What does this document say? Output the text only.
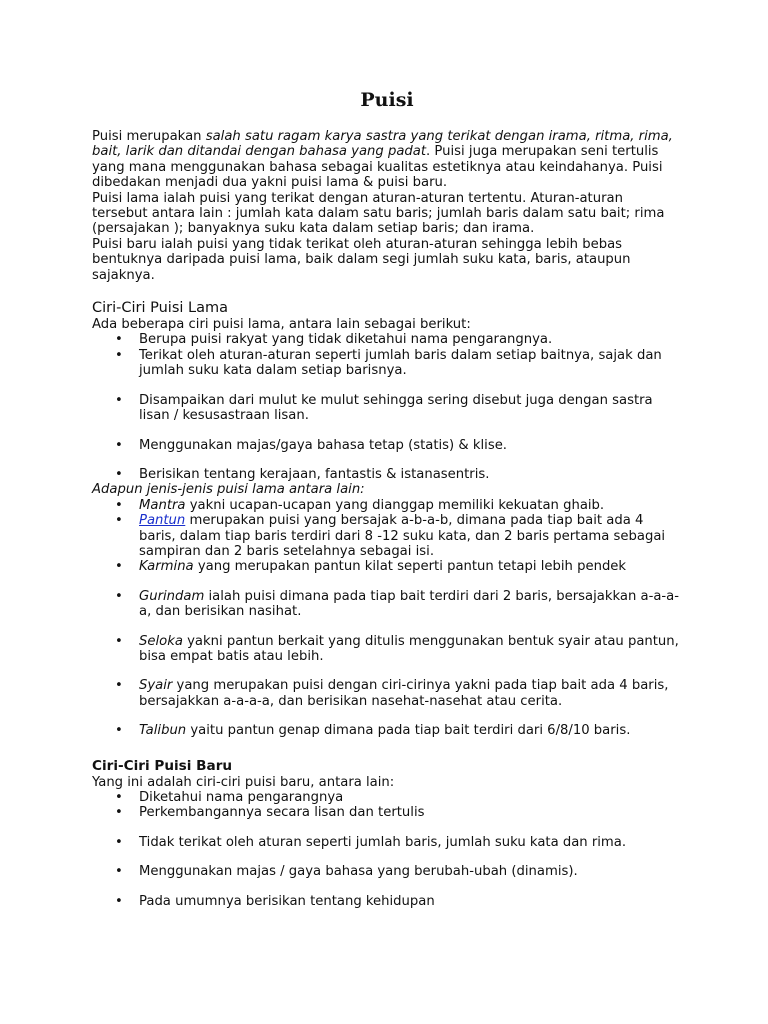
Puisi

Puisi merupakan salah satu ragam karya sastra yang terikat dengan irama, ritma, rima, bait, larik dan ditandai dengan bahasa yang padat. Puisi juga merupakan seni tertulis yang mana menggunakan bahasa sebagai kualitas estetiknya atau keindahanya. Puisi dibedakan menjadi dua yakni puisi lama & puisi baru.

Puisi lama ialah puisi yang terikat dengan aturan-aturan tertentu. Aturan-aturan tersebut antara lain : jumlah kata dalam satu baris; jumlah baris dalam satu bait; rima (persajakan ); banyaknya suku kata dalam setiap baris; dan irama.

Puisi baru ialah puisi yang tidak terikat oleh aturan-aturan sehingga lebih bebas bentuknya daripada puisi lama, baik dalam segi jumlah suku kata, baris, ataupun sajaknya.

Ciri-Ciri Puisi Lama

Ada beberapa ciri puisi lama, antara lain sebagai berikut:

• Berupa puisi rakyat yang tidak diketahui nama pengarangnya.
• Terikat oleh aturan-aturan seperti jumlah baris dalam setiap baitnya, sajak dan jumlah suku kata dalam setiap barisnya.
• Disampaikan dari mulut ke mulut sehingga sering disebut juga dengan sastra lisan / kesusastraan lisan.
• Menggunakan majas/gaya bahasa tetap (statis) & klise.
• Berisikan tentang kerajaan, fantastis & istanasentris.

Adapun jenis-jenis puisi lama antara lain:

• Mantra yakni ucapan-ucapan yang dianggap memiliki kekuatan ghaib.
• Pantun merupakan puisi yang bersajak a-b-a-b, dimana pada tiap bait ada 4 baris, dalam tiap baris terdiri dari 8 -12 suku kata, dan 2 baris pertama sebagai sampiran dan 2 baris setelahnya sebagai isi.
• Karmina yang merupakan pantun kilat seperti pantun tetapi lebih pendek
• Gurindam ialah puisi dimana pada tiap bait terdiri dari 2 baris, bersajakkan a-a-a-a, dan berisikan nasihat.
• Seloka yakni pantun berkait yang ditulis menggunakan bentuk syair atau pantun, bisa empat batis atau lebih.
• Syair yang merupakan puisi dengan ciri-cirinya yakni pada tiap bait ada 4 baris, bersajakkan a-a-a-a, dan berisikan nasehat-nasehat atau cerita.
• Talibun yaitu pantun genap dimana pada tiap bait terdiri dari 6/8/10 baris.
Ciri-Ciri Puisi Baru

Yang ini adalah ciri-ciri puisi baru, antara lain:

• Diketahui nama pengarangnya
• Perkembangannya secara lisan dan tertulis
• Tidak terikat oleh aturan seperti jumlah baris, jumlah suku kata dan rima.
• Menggunakan majas / gaya bahasa yang berubah-ubah (dinamis).
• Pada umumnya berisikan tentang kehidupan
